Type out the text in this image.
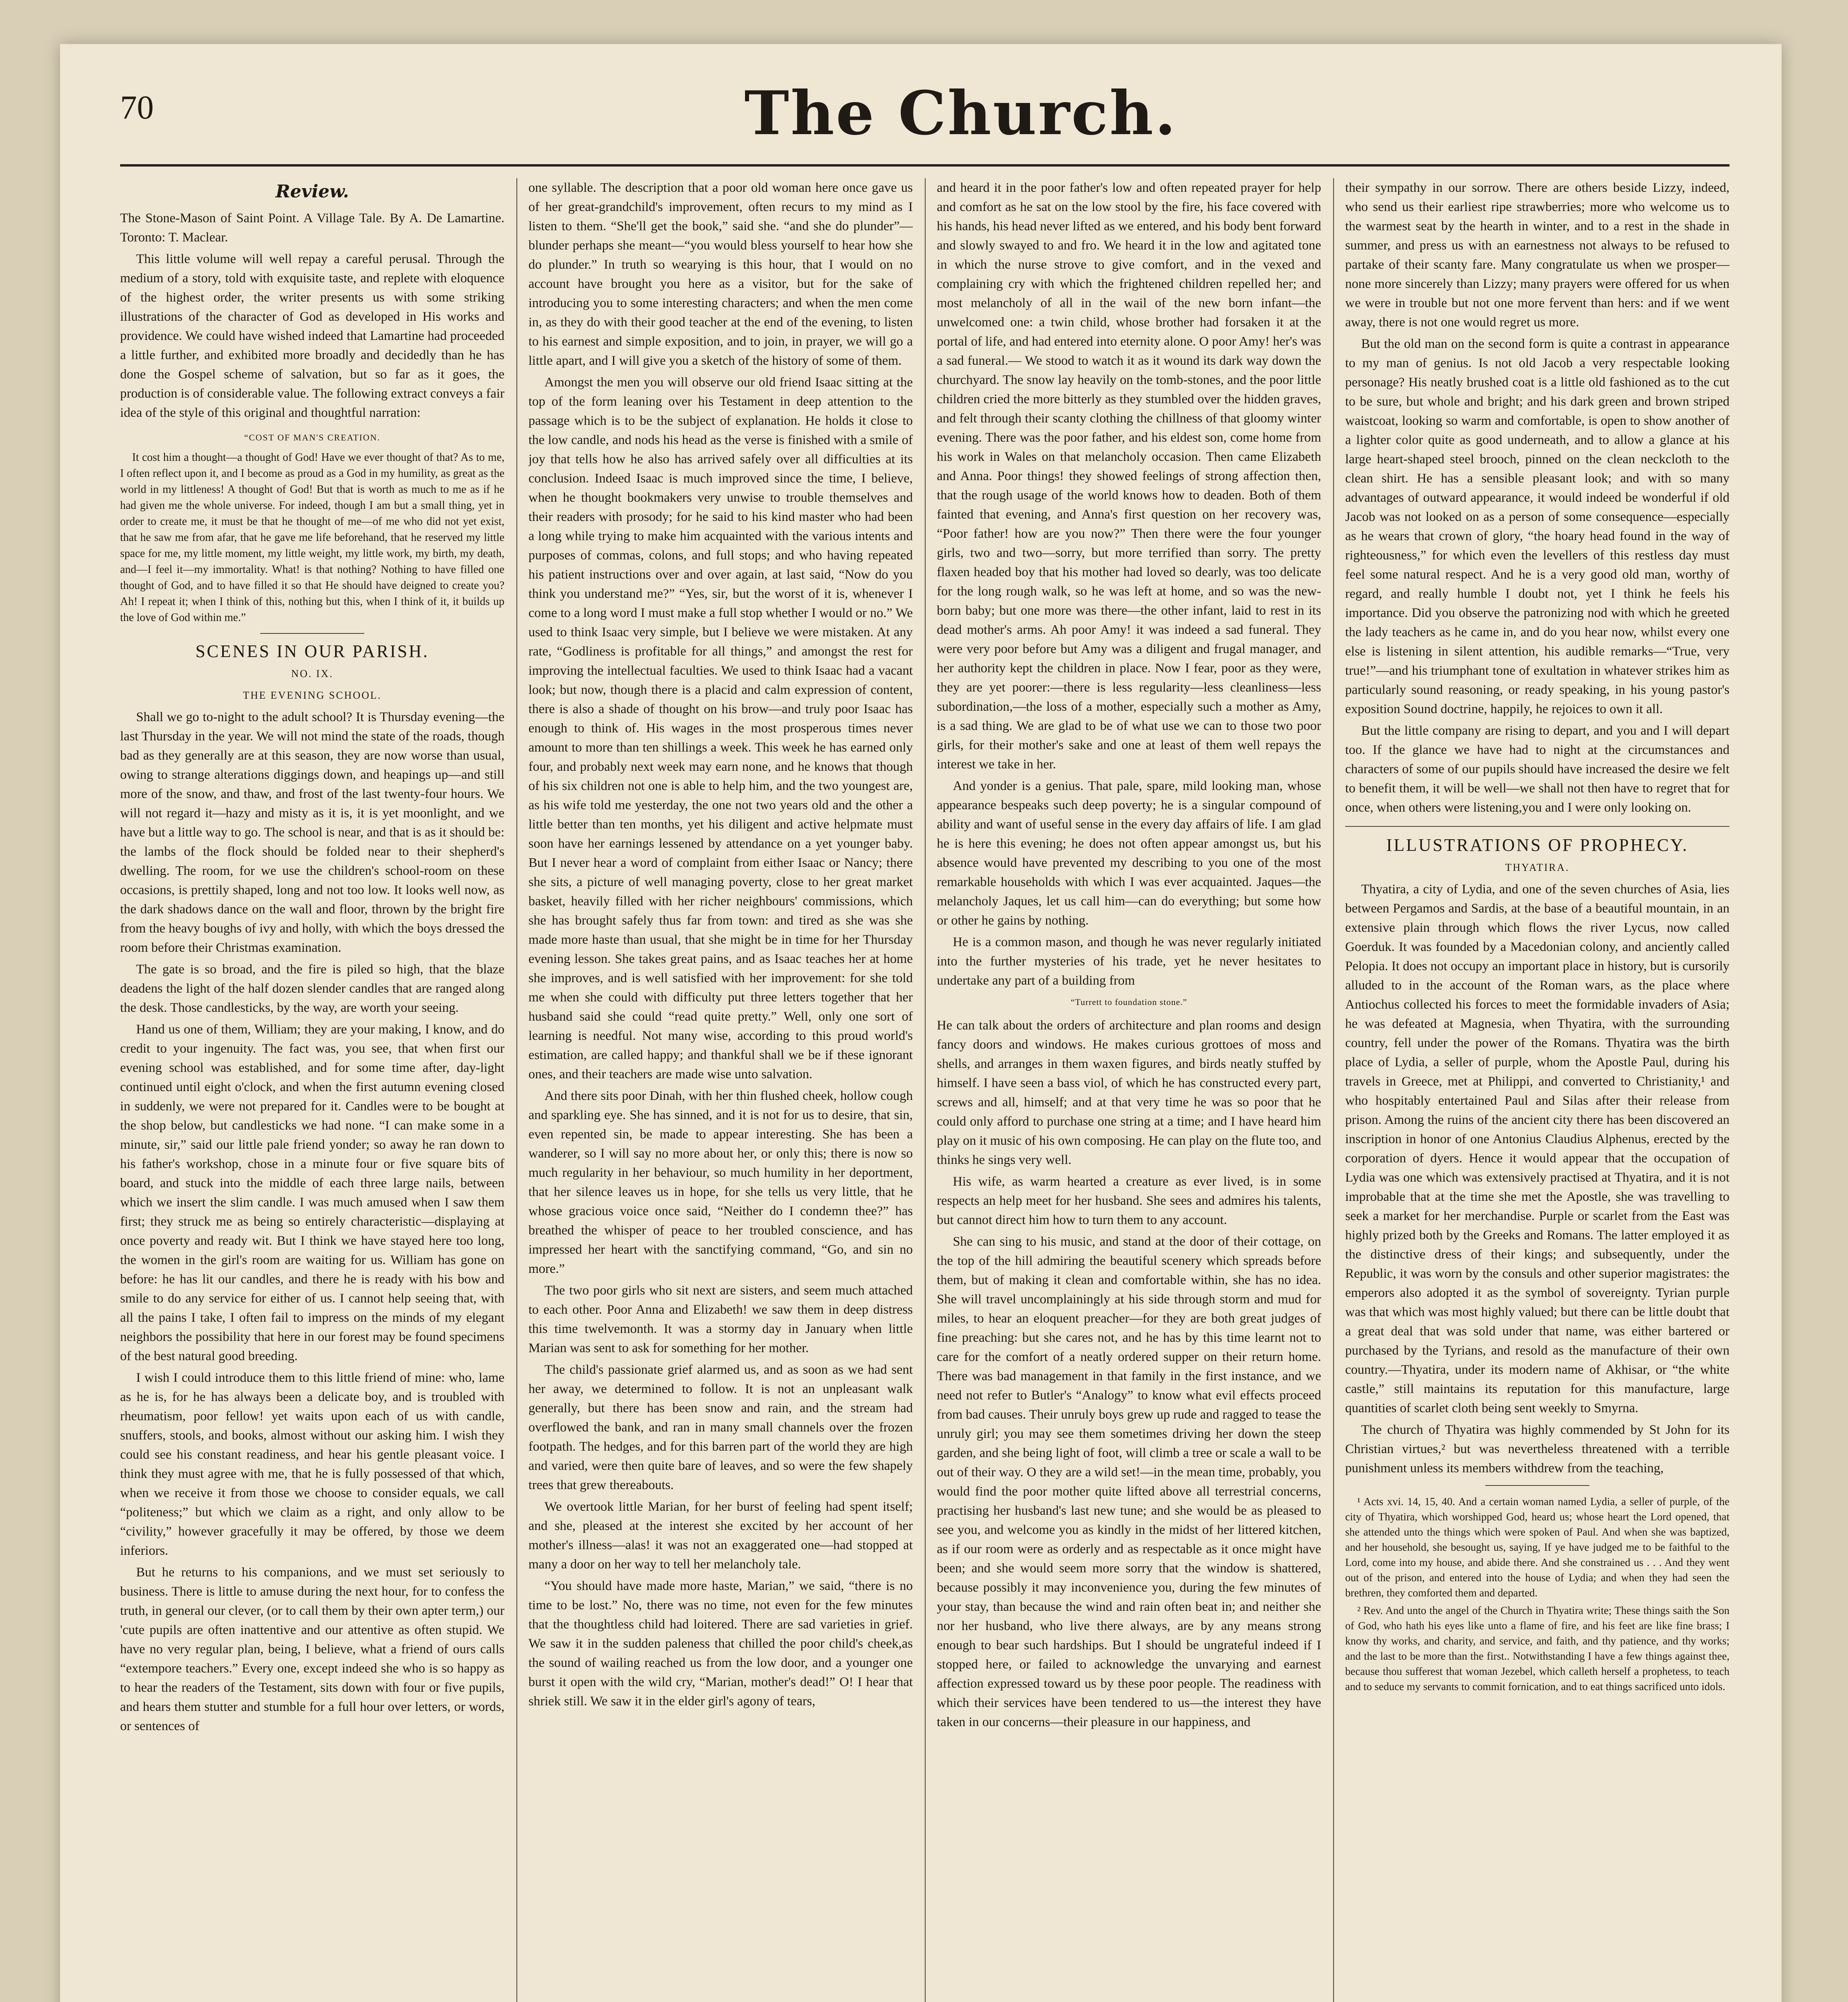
70	The Church.
Review.

The Stone-Mason of Saint Point. A Village Tale. By A. De Lamartine. Toronto: T. Maclear.

This little volume will well repay a careful perusal. Through the medium of a story, told with exquisite taste, and replete with eloquence of the highest order, the writer presents us with some striking illustrations of the character of God as developed in His works and providence. We could have wished indeed that Lamartine had proceeded a little further, and exhibited more broadly and decidedly than he has done the Gospel scheme of salvation, but so far as it goes, the production is of considerable value. The following extract conveys a fair idea of the style of this original and thoughtful narration:

“COST OF MAN'S CREATION.

It cost him a thought—a thought of God! Have we ever thought of that? As to me, I often reflect upon it, and I become as proud as a God in my humility, as great as the world in my littleness! A thought of God! But that is worth as much to me as if he had given me the whole universe. For indeed, though I am but a small thing, yet in order to create me, it must be that he thought of me—of me who did not yet exist, that he saw me from afar, that he gave me life beforehand, that he reserved my little space for me, my little moment, my little weight, my little work, my birth, my death, and—I feel it—my immortality. What! is that nothing? Nothing to have filled one thought of God, and to have filled it so that He should have deigned to create you? Ah! I repeat it; when I think of this, nothing but this, when I think of it, it builds up the love of God within me.”

SCENES IN OUR PARISH.
NO. IX.
THE EVENING SCHOOL.

Shall we go to-night to the adult school? It is Thursday evening—the last Thursday in the year. We will not mind the state of the roads, though bad as they generally are at this season, they are now worse than usual, owing to strange alterations diggings down, and heapings up—and still more of the snow, and thaw, and frost of the last twenty-four hours. We will not regard it—hazy and misty as it is, it is yet moonlight, and we have but a little way to go. The school is near, and that is as it should be: the lambs of the flock should be folded near to their shepherd's dwelling. The room, for we use the children's school-room on these occasions, is prettily shaped, long and not too low. It looks well now, as the dark shadows dance on the wall and floor, thrown by the bright fire from the heavy boughs of ivy and holly, with which the boys dressed the room before their Christmas examination.

The gate is so broad, and the fire is piled so high, that the blaze deadens the light of the half dozen slender candles that are ranged along the desk. Those candlesticks, by the way, are worth your seeing.

Hand us one of them, William; they are your making, I know, and do credit to your ingenuity. The fact was, you see, that when first our evening school was established, and for some time after, day-light continued until eight o'clock, and when the first autumn evening closed in suddenly, we were not prepared for it. Candles were to be bought at the shop below, but candlesticks we had none. “I can make some in a minute, sir,” said our little pale friend yonder; so away he ran down to his father's workshop, chose in a minute four or five square bits of board, and stuck into the middle of each three large nails, between which we insert the slim candle. I was much amused when I saw them first; they struck me as being so entirely characteristic—displaying at once poverty and ready wit. But I think we have stayed here too long, the women in the girl's room are waiting for us. William has gone on before: he has lit our candles, and there he is ready with his bow and smile to do any service for either of us. I cannot help seeing that, with all the pains I take, I often fail to impress on the minds of my elegant neighbors the possibility that here in our forest may be found specimens of the best natural good breeding.

I wish I could introduce them to this little friend of mine: who, lame as he is, for he has always been a delicate boy, and is troubled with rheumatism, poor fellow! yet waits upon each of us with candle, snuffers, stools, and books, almost without our asking him. I wish they could see his constant readiness, and hear his gentle pleasant voice. I think they must agree with me, that he is fully possessed of that which, when we receive it from those we choose to consider equals, we call “politeness;” but which we claim as a right, and only allow to be “civility,” however gracefully it may be offered, by those we deem inferiors.

But he returns to his companions, and we must set seriously to business. There is little to amuse during the next hour, for to confess the truth, in general our clever, (or to call them by their own apter term,) our 'cute pupils are often inattentive and our attentive as often stupid. We have no very regular plan, being, I believe, what a friend of ours calls “extempore teachers.” Every one, except indeed she who is so happy as to hear the readers of the Testament, sits down with four or five pupils, and hears them stutter and stumble for a full hour over letters, or words, or sentences of

one syllable. The description that a poor old woman here once gave us of her great-grandchild's improvement, often recurs to my mind as I listen to them. “She'll get the book,” said she. “and she do plunder”—blunder perhaps she meant—“you would bless yourself to hear how she do plunder.” In truth so wearying is this hour, that I would on no account have brought you here as a visitor, but for the sake of introducing you to some interesting characters; and when the men come in, as they do with their good teacher at the end of the evening, to listen to his earnest and simple exposition, and to join, in prayer, we will go a little apart, and I will give you a sketch of the history of some of them.

Amongst the men you will observe our old friend Isaac sitting at the top of the form leaning over his Testament in deep attention to the passage which is to be the subject of explanation. He holds it close to the low candle, and nods his head as the verse is finished with a smile of joy that tells how he also has arrived safely over all difficulties at its conclusion. Indeed Isaac is much improved since the time, I believe, when he thought bookmakers very unwise to trouble themselves and their readers with prosody; for he said to his kind master who had been a long while trying to make him acquainted with the various intents and purposes of commas, colons, and full stops; and who having repeated his patient instructions over and over again, at last said, “Now do you think you understand me?” “Yes, sir, but the worst of it is, whenever I come to a long word I must make a full stop whether I would or no.” We used to think Isaac very simple, but I believe we were mistaken. At any rate, “Godliness is profitable for all things,” and amongst the rest for improving the intellectual faculties. We used to think Isaac had a vacant look; but now, though there is a placid and calm expression of content, there is also a shade of thought on his brow—and truly poor Isaac has enough to think of. His wages in the most prosperous times never amount to more than ten shillings a week. This week he has earned only four, and probably next week may earn none, and he knows that though of his six children not one is able to help him, and the two youngest are, as his wife told me yesterday, the one not two years old and the other a little better than ten months, yet his diligent and active helpmate must soon have her earnings lessened by attendance on a yet younger baby. But I never hear a word of complaint from either Isaac or Nancy; there she sits, a picture of well managing poverty, close to her great market basket, heavily filled with her richer neighbours' commissions, which she has brought safely thus far from town: and tired as she was she made more haste than usual, that she might be in time for her Thursday evening lesson. She takes great pains, and as Isaac teaches her at home she improves, and is well satisfied with her improvement: for she told me when she could with difficulty put three letters together that her husband said she could “read quite pretty.” Well, only one sort of learning is needful. Not many wise, according to this proud world's estimation, are called happy; and thankful shall we be if these ignorant ones, and their teachers are made wise unto salvation.

And there sits poor Dinah, with her thin flushed cheek, hollow cough and sparkling eye. She has sinned, and it is not for us to desire, that sin, even repented sin, be made to appear interesting. She has been a wanderer, so I will say no more about her, or only this; there is now so much regularity in her behaviour, so much humility in her deportment, that her silence leaves us in hope, for she tells us very little, that he whose gracious voice once said, “Neither do I condemn thee?” has breathed the whisper of peace to her troubled conscience, and has impressed her heart with the sanctifying command, “Go, and sin no more.”

The two poor girls who sit next are sisters, and seem much attached to each other. Poor Anna and Elizabeth! we saw them in deep distress this time twelvemonth. It was a stormy day in January when little Marian was sent to ask for something for her mother.

The child's passionate grief alarmed us, and as soon as we had sent her away, we determined to follow. It is not an unpleasant walk generally, but there has been snow and rain, and the stream had overflowed the bank, and ran in many small channels over the frozen footpath. The hedges, and for this barren part of the world they are high and varied, were then quite bare of leaves, and so were the few shapely trees that grew thereabouts.

We overtook little Marian, for her burst of feeling had spent itself; and she, pleased at the interest she excited by her account of her mother's illness—alas! it was not an exaggerated one—had stopped at many a door on her way to tell her melancholy tale.

“You should have made more haste, Marian,” we said, “there is no time to be lost.” No, there was no time, not even for the few minutes that the thoughtless child had loitered. There are sad varieties in grief. We saw it in the sudden paleness that chilled the poor child's cheek,as the sound of wailing reached us from the low door, and a younger one burst it open with the wild cry, “Marian, mother's dead!” O! I hear that shriek still. We saw it in the elder girl's agony of tears,

and heard it in the poor father's low and often repeated prayer for help and comfort as he sat on the low stool by the fire, his face covered with his hands, his head never lifted as we entered, and his body bent forward and slowly swayed to and fro. We heard it in the low and agitated tone in which the nurse strove to give comfort, and in the vexed and complaining cry with which the frightened children repelled her; and most melancholy of all in the wail of the new born infant—the unwelcomed one: a twin child, whose brother had forsaken it at the portal of life, and had entered into eternity alone. O poor Amy! her's was a sad funeral.— We stood to watch it as it wound its dark way down the churchyard. The snow lay heavily on the tomb-stones, and the poor little children cried the more bitterly as they stumbled over the hidden graves, and felt through their scanty clothing the chillness of that gloomy winter evening. There was the poor father, and his eldest son, come home from his work in Wales on that melancholy occasion. Then came Elizabeth and Anna. Poor things! they showed feelings of strong affection then, that the rough usage of the world knows how to deaden. Both of them fainted that evening, and Anna's first question on her recovery was, “Poor father! how are you now?” Then there were the four younger girls, two and two—sorry, but more terrified than sorry. The pretty flaxen headed boy that his mother had loved so dearly, was too delicate for the long rough walk, so he was left at home, and so was the new-born baby; but one more was there—the other infant, laid to rest in its dead mother's arms. Ah poor Amy! it was indeed a sad funeral. They were very poor before but Amy was a diligent and frugal manager, and her authority kept the children in place. Now I fear, poor as they were, they are yet poorer:—there is less regularity—less cleanliness—less subordination,—the loss of a mother, especially such a mother as Amy, is a sad thing. We are glad to be of what use we can to those two poor girls, for their mother's sake and one at least of them well repays the interest we take in her.

And yonder is a genius. That pale, spare, mild looking man, whose appearance bespeaks such deep poverty; he is a singular compound of ability and want of useful sense in the every day affairs of life. I am glad he is here this evening; he does not often appear amongst us, but his absence would have prevented my describing to you one of the most remarkable households with which I was ever acquainted. Jaques—the melancholy Jaques, let us call him—can do everything; but some how or other he gains by nothing.

He is a common mason, and though he was never regularly initiated into the further mysteries of his trade, yet he never hesitates to undertake any part of a building from

“Turrett to foundation stone.”

He can talk about the orders of architecture and plan rooms and design fancy doors and windows. He makes curious grottoes of moss and shells, and arranges in them waxen figures, and birds neatly stuffed by himself. I have seen a bass viol, of which he has constructed every part, screws and all, himself; and at that very time he was so poor that he could only afford to purchase one string at a time; and I have heard him play on it music of his own composing. He can play on the flute too, and thinks he sings very well.

His wife, as warm hearted a creature as ever lived, is in some respects an help meet for her husband. She sees and admires his talents, but cannot direct him how to turn them to any account.

She can sing to his music, and stand at the door of their cottage, on the top of the hill admiring the beautiful scenery which spreads before them, but of making it clean and comfortable within, she has no idea. She will travel uncomplainingly at his side through storm and mud for miles, to hear an eloquent preacher—for they are both great judges of fine preaching: but she cares not, and he has by this time learnt not to care for the comfort of a neatly ordered supper on their return home. There was bad management in that family in the first instance, and we need not refer to Butler's “Analogy” to know what evil effects proceed from bad causes. Their unruly boys grew up rude and ragged to tease the unruly girl; you may see them sometimes driving her down the steep garden, and she being light of foot, will climb a tree or scale a wall to be out of their way. O they are a wild set!—in the mean time, probably, you would find the poor mother quite lifted above all terrestrial concerns, practising her husband's last new tune; and she would be as pleased to see you, and welcome you as kindly in the midst of her littered kitchen, as if our room were as orderly and as respectable as it once might have been; and she would seem more sorry that the window is shattered, because possibly it may inconvenience you, during the few minutes of your stay, than because the wind and rain often beat in; and neither she nor her husband, who live there always, are by any means strong enough to bear such hardships. But I should be ungrateful indeed if I stopped here, or failed to acknowledge the unvarying and earnest affection expressed toward us by these poor people. The readiness with which their services have been tendered to us—the interest they have taken in our concerns—their pleasure in our happiness, and

their sympathy in our sorrow. There are others beside Lizzy, indeed, who send us their earliest ripe strawberries; more who welcome us to the warmest seat by the hearth in winter, and to a rest in the shade in summer, and press us with an earnestness not always to be refused to partake of their scanty fare. Many congratulate us when we prosper—none more sincerely than Lizzy; many prayers were offered for us when we were in trouble but not one more fervent than hers: and if we went away, there is not one would regret us more.

But the old man on the second form is quite a contrast in appearance to my man of genius. Is not old Jacob a very respectable looking personage? His neatly brushed coat is a little old fashioned as to the cut to be sure, but whole and bright; and his dark green and brown striped waistcoat, looking so warm and comfortable, is open to show another of a lighter color quite as good underneath, and to allow a glance at his large heart-shaped steel brooch, pinned on the clean neckcloth to the clean shirt. He has a sensible pleasant look; and with so many advantages of outward appearance, it would indeed be wonderful if old Jacob was not looked on as a person of some consequence—especially as he wears that crown of glory, “the hoary head found in the way of righteousness,” for which even the levellers of this restless day must feel some natural respect. And he is a very good old man, worthy of regard, and really humble I doubt not, yet I think he feels his importance. Did you observe the patronizing nod with which he greeted the lady teachers as he came in, and do you hear now, whilst every one else is listening in silent attention, his audible remarks—“True, very true!”—and his triumphant tone of exultation in whatever strikes him as particularly sound reasoning, or ready speaking, in his young pastor's exposition Sound doctrine, happily, he rejoices to own it all.

But the little company are rising to depart, and you and I will depart too. If the glance we have had to night at the circumstances and characters of some of our pupils should have increased the desire we felt to benefit them, it will be well—we shall not then have to regret that for once, when others were listening,you and I were only looking on.

ILLUSTRATIONS OF PROPHECY.
THYATIRA.

Thyatira, a city of Lydia, and one of the seven churches of Asia, lies between Pergamos and Sardis, at the base of a beautiful mountain, in an extensive plain through which flows the river Lycus, now called Goerduk. It was founded by a Macedonian colony, and anciently called Pelopia. It does not occupy an important place in history, but is cursorily alluded to in the account of the Roman wars, as the place where Antiochus collected his forces to meet the formidable invaders of Asia; he was defeated at Magnesia, when Thyatira, with the surrounding country, fell under the power of the Romans. Thyatira was the birth place of Lydia, a seller of purple, whom the Apostle Paul, during his travels in Greece, met at Philippi, and converted to Christianity,¹ and who hospitably entertained Paul and Silas after their release from prison. Among the ruins of the ancient city there has been discovered an inscription in honor of one Antonius Claudius Alphenus, erected by the corporation of dyers. Hence it would appear that the occupation of Lydia was one which was extensively practised at Thyatira, and it is not improbable that at the time she met the Apostle, she was travelling to seek a market for her merchandise. Purple or scarlet from the East was highly prized both by the Greeks and Romans. The latter employed it as the distinctive dress of their kings; and subsequently, under the Republic, it was worn by the consuls and other superior magistrates: the emperors also adopted it as the symbol of sovereignty. Tyrian purple was that which was most highly valued; but there can be little doubt that a great deal that was sold under that name, was either bartered or purchased by the Tyrians, and resold as the manufacture of their own country.—Thyatira, under its modern name of Akhisar, or “the white castle,” still maintains its reputation for this manufacture, large quantities of scarlet cloth being sent weekly to Smyrna.

The church of Thyatira was highly commended by St John for its Christian virtues,² but was nevertheless threatened with a terrible punishment unless its members withdrew from the teaching,

¹ Acts xvi. 14, 15, 40. And a certain woman named Lydia, a seller of purple, of the city of Thyatira, which worshipped God, heard us; whose heart the Lord opened, that she attended unto the things which were spoken of Paul. And when she was baptized, and her household, she besought us, saying, If ye have judged me to be faithful to the Lord, come into my house, and abide there. And she constrained us . . . And they went out of the prison, and entered into the house of Lydia; and when they had seen the brethren, they comforted them and departed.

² Rev. And unto the angel of the Church in Thyatira write; These things saith the Son of God, who hath his eyes like unto a flame of fire, and his feet are like fine brass; I know thy works, and charity, and service, and faith, and thy patience, and thy works; and the last to be more than the first.. Notwithstanding I have a few things against thee, because thou sufferest that woman Jezebel, which calleth herself a prophetess, to teach and to seduce my servants to commit fornication, and to eat things sacrificed unto idols.
